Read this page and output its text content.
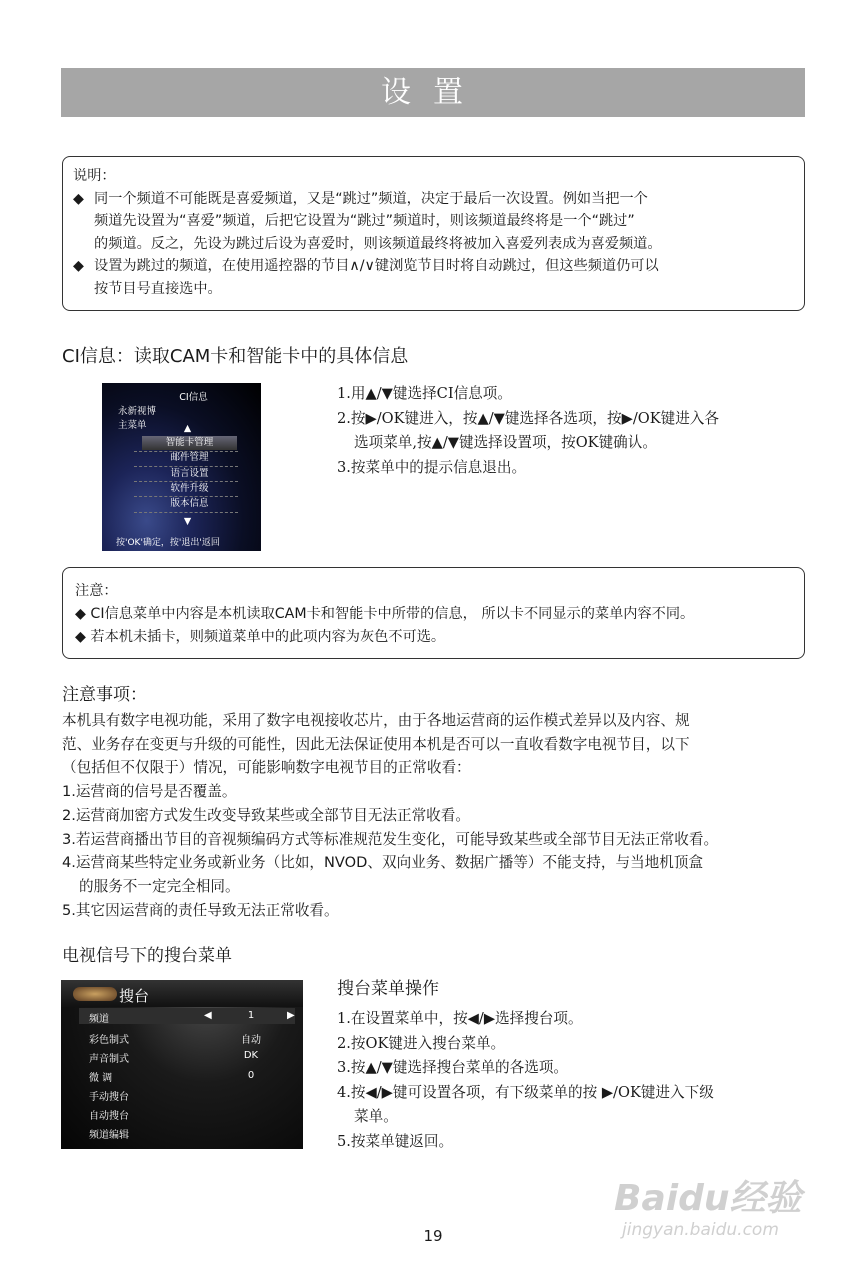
设置
说明：
◆ 同一个频道不可能既是喜爱频道，又是“跳过”频道，决定于最后一次设置。例如当把一个
频道先设置为“喜爱”频道，后把它设置为“跳过”频道时，则该频道最终将是一个“跳过”
的频道。反之，先设为跳过后设为喜爱时，则该频道最终将被加入喜爱列表成为喜爱频道。
◆ 设置为跳过的频道，在使用遥控器的节目∧/∨键浏览节目时将自动跳过，但这些频道仍可以
按节目号直接选中。
CI信息：读取CAM卡和智能卡中的具体信息
CI信息
永新视博
主菜单	▲
智能卡管理
邮件管理
语言设置
软件升级
版本信息
▼
按'OK'确定，按'退出'返回
1.用▲/▼键选择CI信息项。
2.按▶/OK键进入，按▲/▼键选择各选项，按▶/OK键进入各
选项菜单,按▲/▼键选择设置项，按OK键确认。
3.按菜单中的提示信息退出。
注意：
◆ CI信息菜单中内容是本机读取CAM卡和智能卡中所带的信息， 所以卡不同显示的菜单内容不同。
◆ 若本机未插卡，则频道菜单中的此项内容为灰色不可选。
注意事项：
本机具有数字电视功能，采用了数字电视接收芯片，由于各地运营商的运作模式差异以及内容、规
范、业务存在变更与升级的可能性，因此无法保证使用本机是否可以一直收看数字电视节目，以下
（包括但不仅限于）情况，可能影响数字电视节目的正常收看：
1.运营商的信号是否覆盖。
2.运营商加密方式发生改变导致某些或全部节目无法正常收看。
3.若运营商播出节目的音视频编码方式等标准规范发生变化，可能导致某些或全部节目无法正常收看。
4.运营商某些特定业务或新业务（比如，NVOD、双向业务、数据广播等）不能支持，与当地机顶盒
的服务不一定完全相同。
5.其它因运营商的责任导致无法正常收看。
电视信号下的搜台菜单
搜台
频道	◀	1	▶
彩色制式	自动
声音制式	DK
微 调	0
手动搜台
自动搜台
频道编辑
搜台菜单操作
1.在设置菜单中，按◀/▶选择搜台项。
2.按OK键进入搜台菜单。
3.按▲/▼键选择搜台菜单的各选项。
4.按◀/▶键可设置各项，有下级菜单的按 ▶/OK键进入下级
菜单。
5.按菜单键返回。
19
Baidu经验
jingyan.baidu.com
